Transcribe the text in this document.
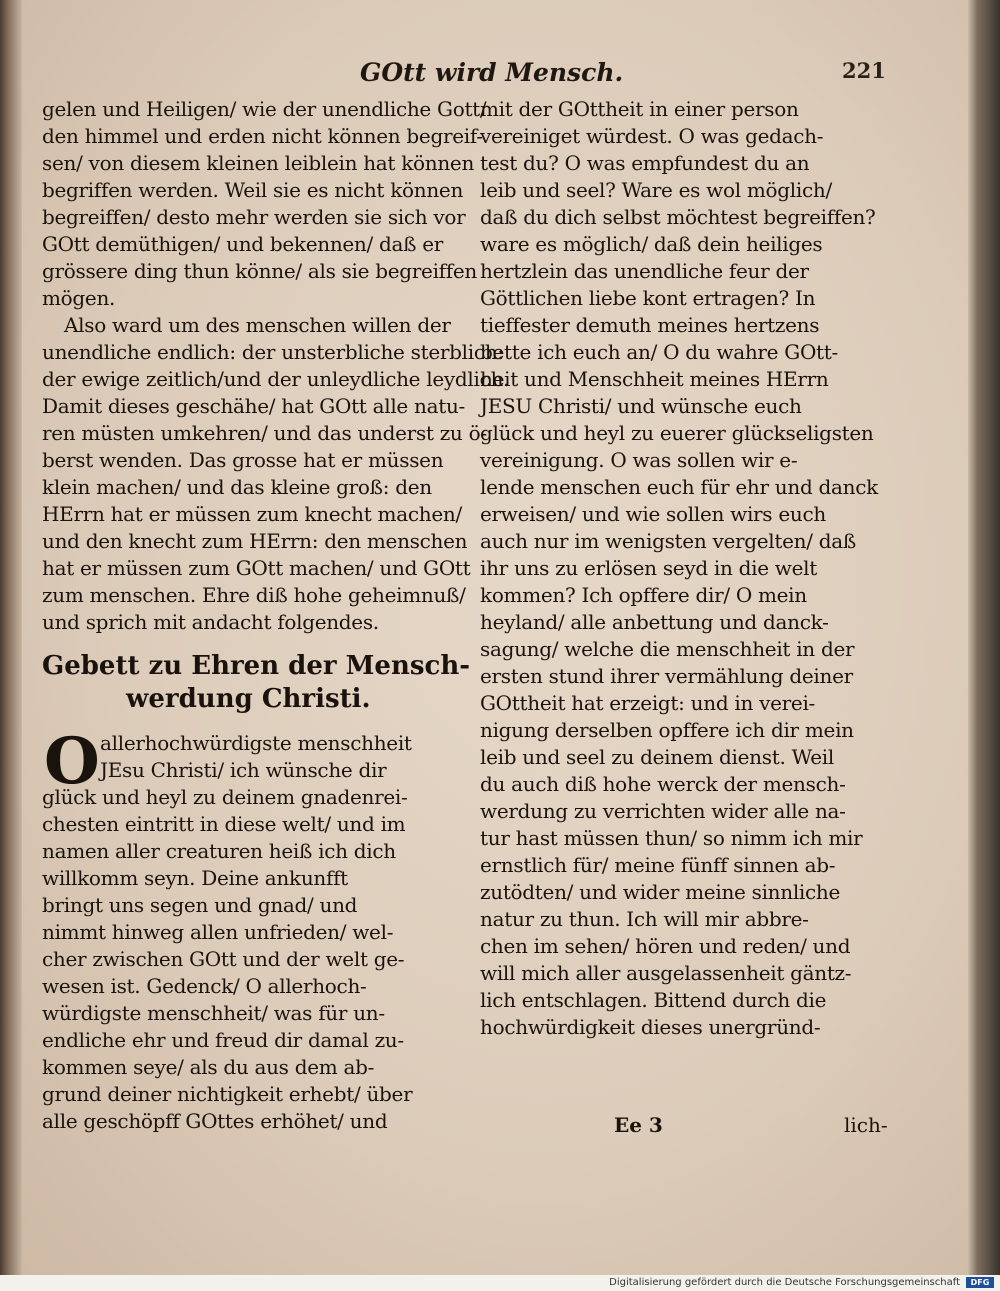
GOtt wird Mensch.	221
gelen und Heiligen/ wie der unendliche Gott/
den himmel und erden nicht können begreif-
sen/ von diesem kleinen leiblein hat können
begriffen werden. Weil sie es nicht können
begreiffen/ desto mehr werden sie sich vor
GOtt demüthigen/ und bekennen/ daß er
grössere ding thun könne/ als sie begreiffen
mögen.
Also ward um des menschen willen der
unendliche endlich: der unsterbliche sterblich:
der ewige zeitlich/und der unleydliche leydlich.
Damit dieses geschähe/ hat GOtt alle natu-
ren müsten umkehren/ und das underst zu ö-
berst wenden. Das grosse hat er müssen
klein machen/ und das kleine groß: den
HErrn hat er müssen zum knecht machen/
und den knecht zum HErrn: den menschen
hat er müssen zum GOtt machen/ und GOtt
zum menschen. Ehre diß hohe geheimnuß/
und sprich mit andacht folgendes.
Gebett zu Ehren der Mensch-
werdung Christi.
O allerhochwürdigste menschheit
JEsu Christi/ ich wünsche dir
glück und heyl zu deinem gnadenrei-
chesten eintritt in diese welt/ und im
namen aller creaturen heiß ich dich
willkomm seyn. Deine ankunfft
bringt uns segen und gnad/ und
nimmt hinweg allen unfrieden/ wel-
cher zwischen GOtt und der welt ge-
wesen ist. Gedenck/ O allerhoch-
würdigste menschheit/ was für un-
endliche ehr und freud dir damal zu-
kommen seye/ als du aus dem ab-
grund deiner nichtigkeit erhebt/ über
alle geschöpff GOttes erhöhet/ und
mit der GOttheit in einer person
vereiniget würdest. O was gedach-
test du? O was empfundest du an
leib und seel? Ware es wol möglich/
daß du dich selbst möchtest begreiffen?
ware es möglich/ daß dein heiliges
hertzlein das unendliche feur der
Göttlichen liebe kont ertragen? In
tieffester demuth meines hertzens
bette ich euch an/ O du wahre GOtt-
heit und Menschheit meines HErrn
JESU Christi/ und wünsche euch
glück und heyl zu euerer glückseligsten
vereinigung. O was sollen wir e-
lende menschen euch für ehr und danck
erweisen/ und wie sollen wirs euch
auch nur im wenigsten vergelten/ daß
ihr uns zu erlösen seyd in die welt
kommen? Ich opffere dir/ O mein
heyland/ alle anbettung und danck-
sagung/ welche die menschheit in der
ersten stund ihrer vermählung deiner
GOttheit hat erzeigt: und in verei-
nigung derselben opffere ich dir mein
leib und seel zu deinem dienst. Weil
du auch diß hohe werck der mensch-
werdung zu verrichten wider alle na-
tur hast müssen thun/ so nimm ich mir
ernstlich für/ meine fünff sinnen ab-
zutödten/ und wider meine sinnliche
natur zu thun. Ich will mir abbre-
chen im sehen/ hören und reden/ und
will mich aller ausgelassenheit gäntz-
lich entschlagen. Bittend durch die
hochwürdigkeit dieses unergründ-
Ee 3	lich-
Digitalisierung gefördert durch die Deutsche Forschungsgemeinschaft	DFG
